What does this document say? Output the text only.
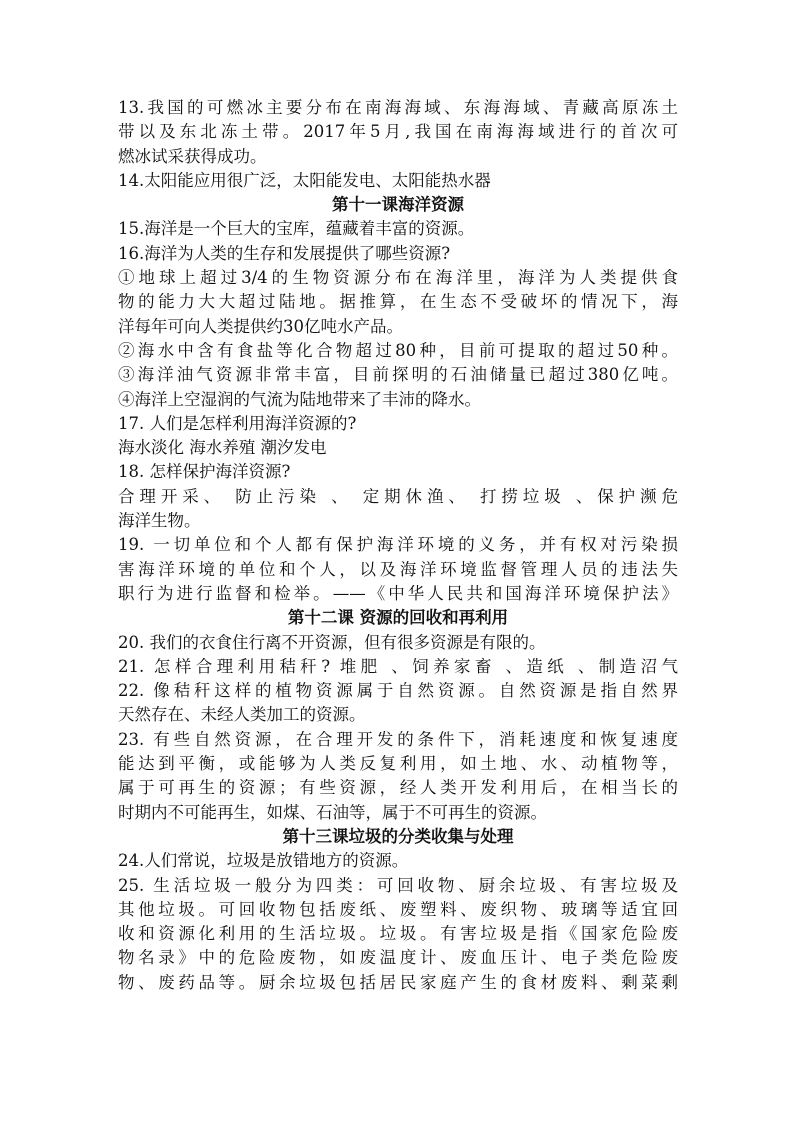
13.我国的可燃冰主要分布在南海海域、东海海域、青藏高原冻土
带以及东北冻土带。2017年5月,我国在南海海域进行的首次可
燃冰试采获得成功。
14.太阳能应用很广泛，太阳能发电、太阳能热水器
第十一课海洋资源
15.海洋是一个巨大的宝库，蕴藏着丰富的资源。
16.海洋为人类的生存和发展提供了哪些资源?
①地球上超过3/4的生物资源分布在海洋里，海洋为人类提供食
物的能力大大超过陆地。据推算，在生态不受破坏的情况下，海
洋每年可向人类提供约30亿吨水产品。
②海水中含有食盐等化合物超过80种，目前可提取的超过50种。
③海洋油气资源非常丰富，目前探明的石油储量已超过380亿吨。
④海洋上空湿润的气流为陆地带来了丰沛的降水。
17. 人们是怎样利用海洋资源的?
海水淡化 海水养殖 潮汐发电
18. 怎样保护海洋资源?
合理开采、 防止污染 、 定期休渔、 打捞垃圾 、保护濒危
海洋生物。
19. 一切单位和个人都有保护海洋环境的义务，并有权对污染损
害海洋环境的单位和个人，以及海洋环境监督管理人员的违法失
职行为进行监督和检举。——《中华人民共和国海洋环境保护法》
第十二课 资源的回收和再利用
20. 我们的衣食住行离不开资源，但有很多资源是有限的。
21. 怎样合理利用秸秆? 堆肥 、饲养家畜 、造纸 、制造沼气
22. 像秸秆这样的植物资源属于自然资源。自然资源是指自然界
天然存在、未经人类加工的资源。
23. 有些自然资源，在合理开发的条件下，消耗速度和恢复速度
能达到平衡，或能够为人类反复利用，如土地、水、动植物等，
属于可再生的资源；有些资源，经人类开发利用后，在相当长的
时期内不可能再生，如煤、石油等，属于不可再生的资源。
第十三课垃圾的分类收集与处理
24.人们常说，垃圾是放错地方的资源。
25. 生活垃圾一般分为四类：可回收物、厨余垃圾、有害垃圾及
其他垃圾。可回收物包括废纸、废塑料、废织物、玻璃等适宜回
收和资源化利用的生活垃圾。垃圾。有害垃圾是指《国家危险废
物名录》中的危险废物，如废温度计、废血压计、电子类危险废
物、废药品等。厨余垃圾包括居民家庭产生的食材废料、剩菜剩
